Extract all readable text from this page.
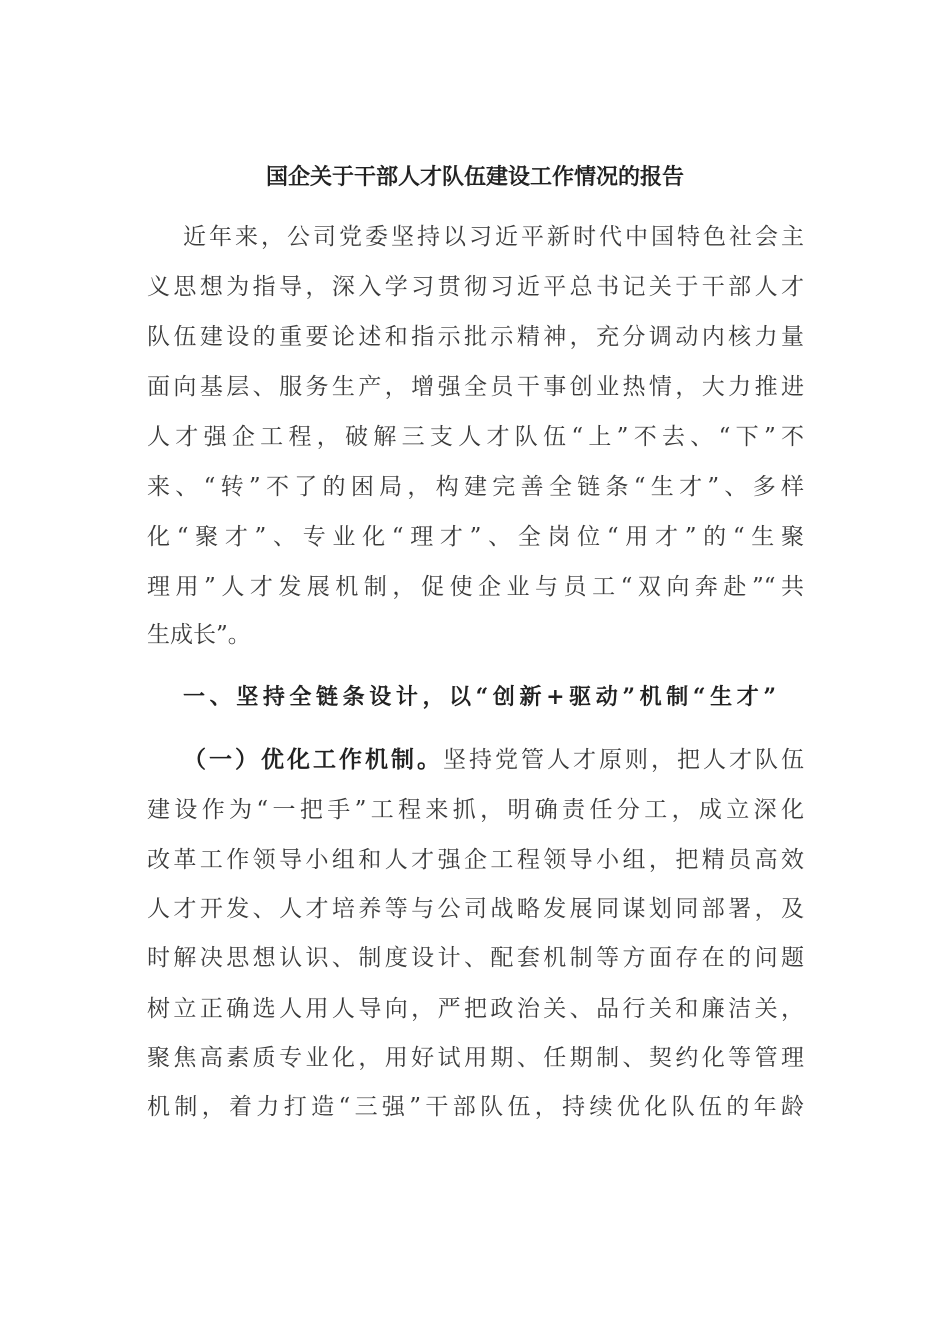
国企关于干部人才队伍建设工作情况的报告
近年来，公司党委坚持以习近平新时代中国特色社会主
义思想为指导，深入学习贯彻习近平总书记关于干部人才
队伍建设的重要论述和指示批示精神，充分调动内核力量
面向基层、服务生产，增强全员干事创业热情，大力推进
人才强企工程，破解三支人才队伍“上”不去、“下”不
来、“转”不了的困局，构建完善全链条“生才”、多样
化“聚才”、专业化“理才”、全岗位“用才”的“生聚
理用”人才发展机制，促使企业与员工“双向奔赴”“共
生成长”。
一、坚持全链条设计，以“创新+驱动”机制“生才”
（一）优化工作机制。坚持党管人才原则，把人才队伍
建设作为“一把手”工程来抓，明确责任分工，成立深化
改革工作领导小组和人才强企工程领导小组，把精员高效
人才开发、人才培养等与公司战略发展同谋划同部署，及
时解决思想认识、制度设计、配套机制等方面存在的问题
树立正确选人用人导向，严把政治关、品行关和廉洁关，
聚焦高素质专业化，用好试用期、任期制、契约化等管理
机制，着力打造“三强”干部队伍，持续优化队伍的年龄
